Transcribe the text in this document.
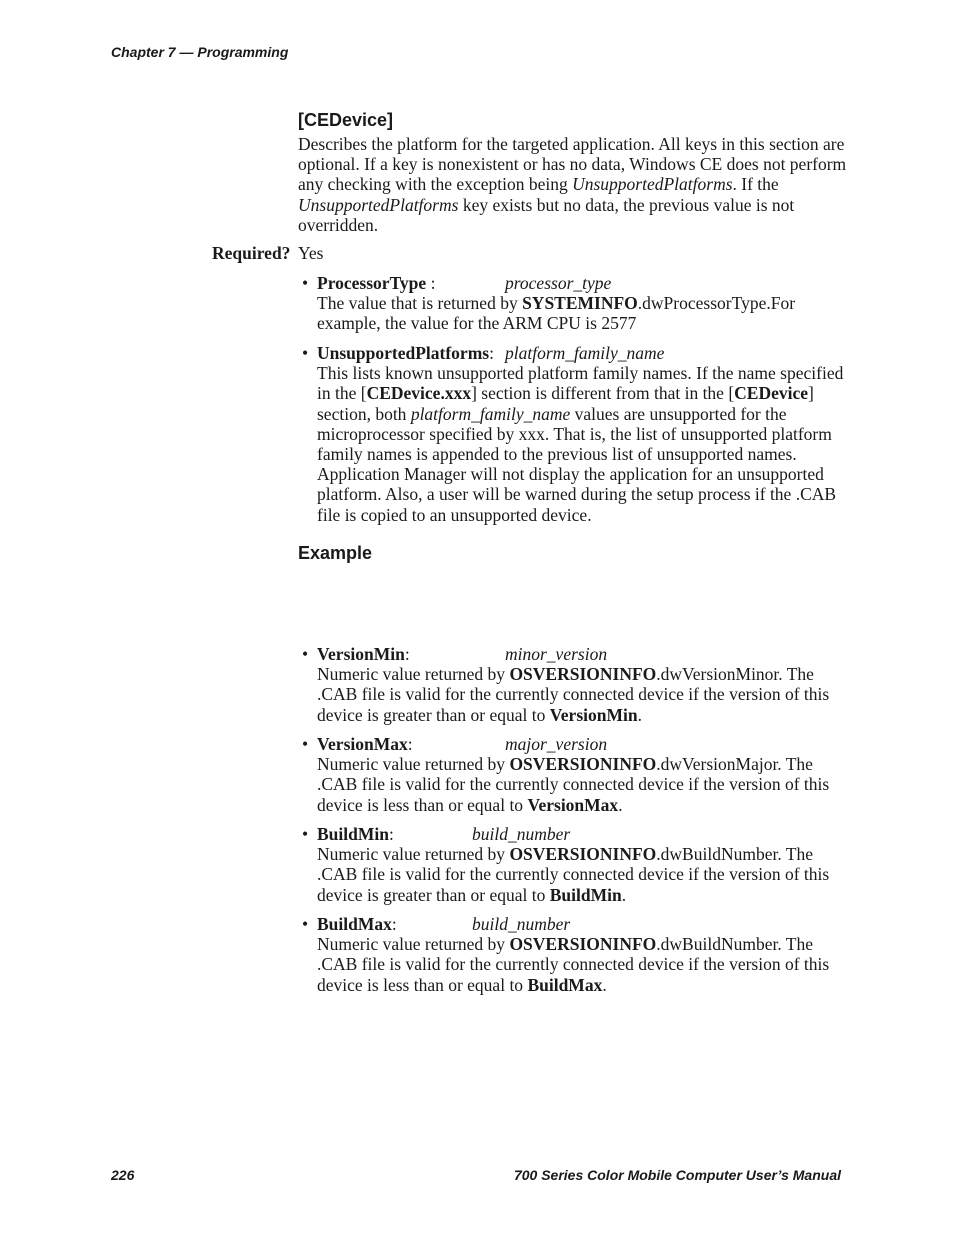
Chapter 7 — Programming
[CEDevice]
Describes the platform for the targeted application. All keys in this section are optional. If a key is nonexistent or has no data, Windows CE does not perform any checking with the exception being UnsupportedPlatforms. If the UnsupportedPlatforms key exists but no data, the previous value is not overridden.
Required? Yes
• ProcessorType :	processor_type
The value that is returned by SYSTEMINFO.dwProcessorType.For example, the value for the ARM CPU is 2577
• UnsupportedPlatforms: platform_family_name
This lists known unsupported platform family names. If the name specified in the [CEDevice.xxx] section is different from that in the [CEDevice] section, both platform_family_name values are unsupported for the microprocessor specified by xxx. That is, the list of unsupported platform family names is appended to the previous list of unsupported names. Application Manager will not display the application for an unsupported platform. Also, a user will be warned during the setup process if the .CAB file is copied to an unsupported device.
Example
• VersionMin:	minor_version
Numeric value returned by OSVERSIONINFO.dwVersionMinor. The .CAB file is valid for the currently connected device if the version of this device is greater than or equal to VersionMin.
• VersionMax:	major_version
Numeric value returned by OSVERSIONINFO.dwVersionMajor. The .CAB file is valid for the currently connected device if the version of this device is less than or equal to VersionMax.
• BuildMin:	build_number
Numeric value returned by OSVERSIONINFO.dwBuildNumber. The .CAB file is valid for the currently connected device if the version of this device is greater than or equal to BuildMin.
• BuildMax:	build_number
Numeric value returned by OSVERSIONINFO.dwBuildNumber. The .CAB file is valid for the currently connected device if the version of this device is less than or equal to BuildMax.
226	700 Series Color Mobile Computer User’s Manual
